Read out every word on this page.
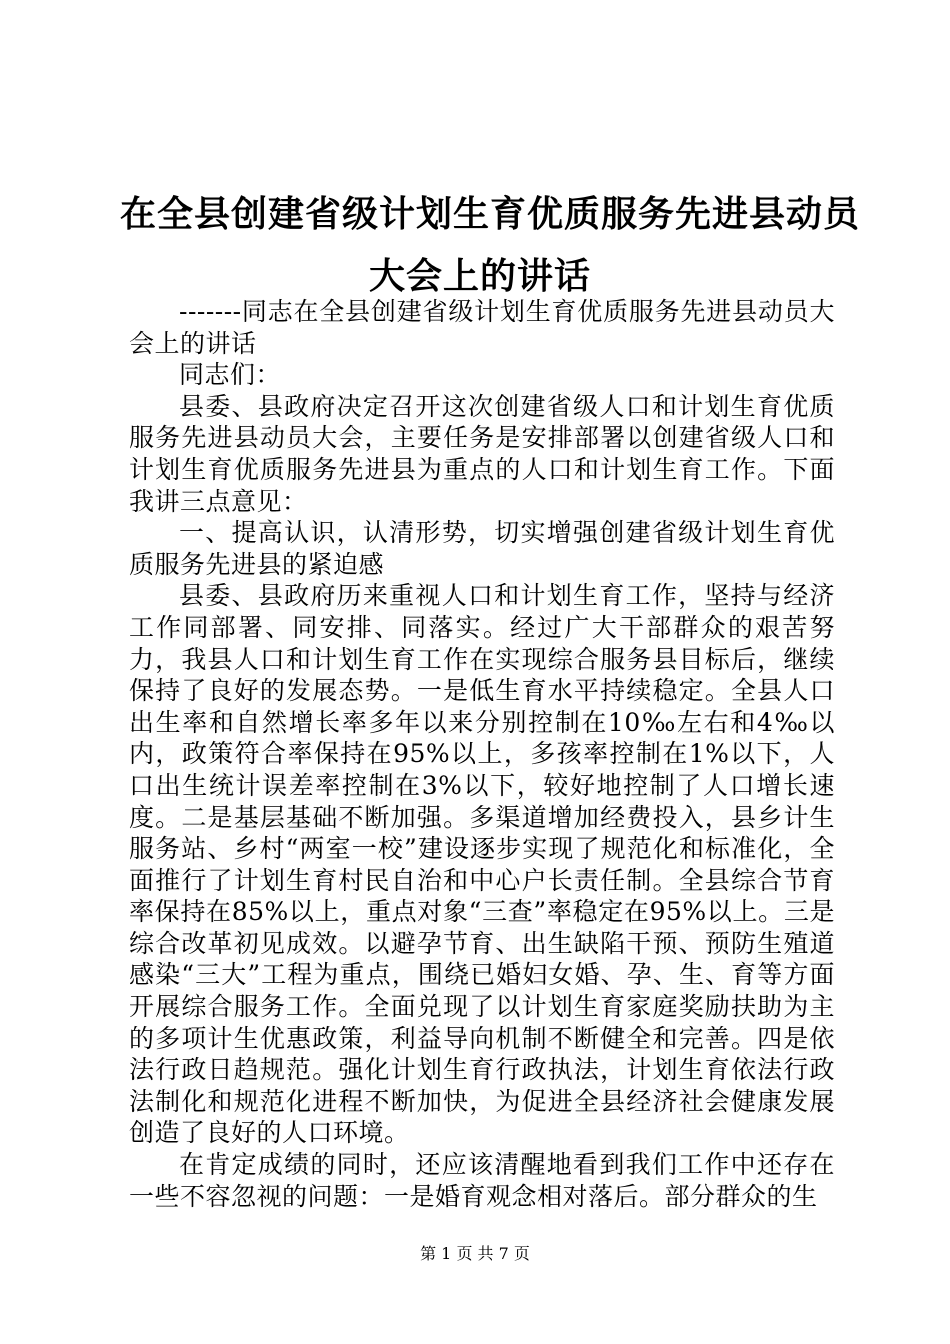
在全县创建省级计划生育优质服务先进县动员
大会上的讲话

-------同志在全县创建省级计划生育优质服务先进县动员大会上的讲话

同志们：

县委、县政府决定召开这次创建省级人口和计划生育优质服务先进县动员大会，主要任务是安排部署以创建省级人口和计划生育优质服务先进县为重点的人口和计划生育工作。下面我讲三点意见：

一、提高认识，认清形势，切实增强创建省级计划生育优质服务先进县的紧迫感

县委、县政府历来重视人口和计划生育工作，坚持与经济工作同部署、同安排、同落实。经过广大干部群众的艰苦努力，我县人口和计划生育工作在实现综合服务县目标后，继续保持了良好的发展态势。一是低生育水平持续稳定。全县人口出生率和自然增长率多年以来分别控制在10‰左右和4‰以内，政策符合率保持在95%以上，多孩率控制在1%以下，人口出生统计误差率控制在3%以下，较好地控制了人口增长速度。二是基层基础不断加强。多渠道增加经费投入，县乡计生服务站、乡村“两室一校”建设逐步实现了规范化和标准化，全面推行了计划生育村民自治和中心户长责任制。全县综合节育率保持在85%以上，重点对象“三查”率稳定在95%以上。三是综合改革初见成效。以避孕节育、出生缺陷干预、预防生殖道感染“三大”工程为重点，围绕已婚妇女婚、孕、生、育等方面开展综合服务工作。全面兑现了以计划生育家庭奖励扶助为主的多项计生优惠政策，利益导向机制不断健全和完善。四是依法行政日趋规范。强化计划生育行政执法，计划生育依法行政法制化和规范化进程不断加快，为促进全县经济社会健康发展创造了良好的人口环境。

在肯定成绩的同时，还应该清醒地看到我们工作中还存在一些不容忽视的问题：一是婚育观念相对落后。部分群众的生

第 1 页 共 7 页
